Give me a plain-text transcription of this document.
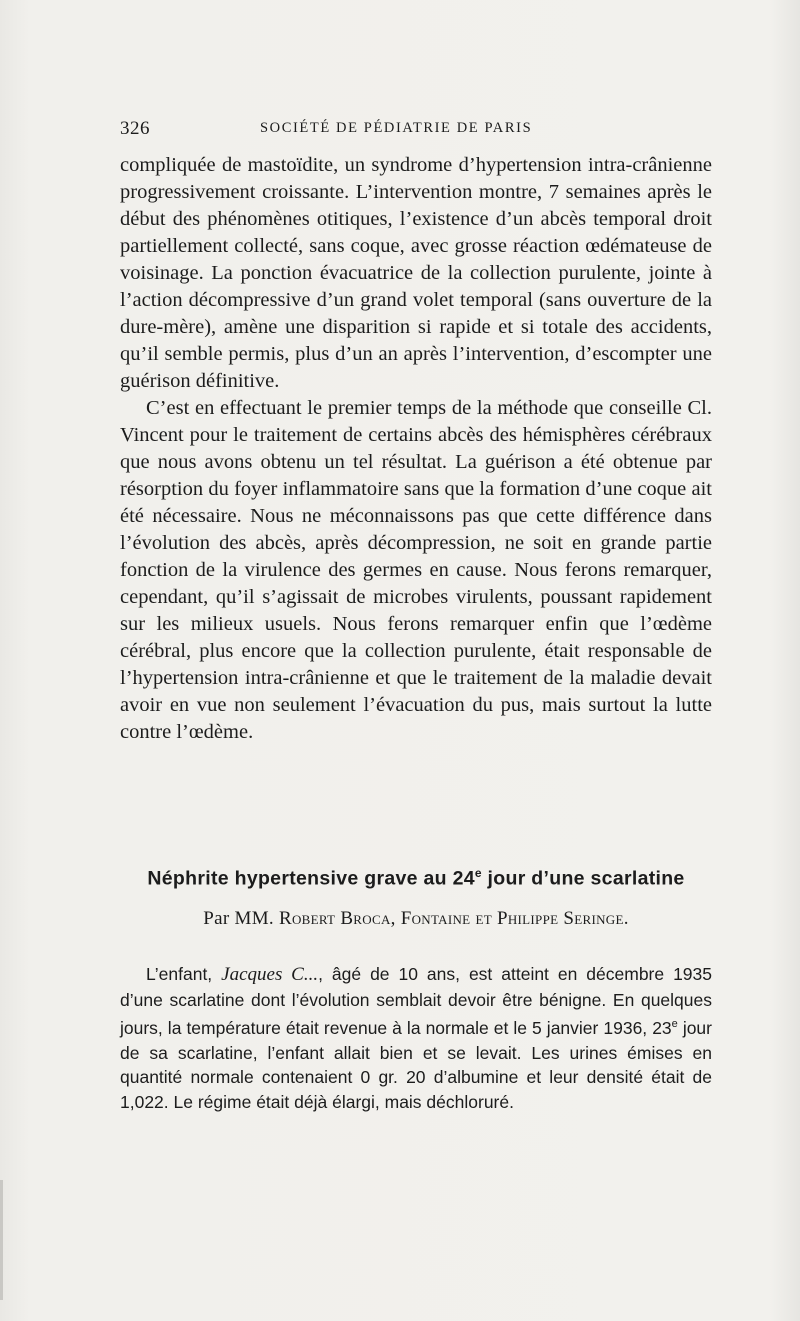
326	SOCIÉTÉ DE PÉDIATRIE DE PARIS

compliquée de mastoïdite, un syndrome d’hypertension intra-crânienne progressivement croissante. L’intervention montre, 7 semaines après le début des phénomènes otitiques, l’existence d’un abcès temporal droit partiellement collecté, sans coque, avec grosse réaction œdémateuse de voisinage. La ponction évacuatrice de la collection purulente, jointe à l’action décompressive d’un grand volet temporal (sans ouverture de la dure-mère), amène une disparition si rapide et si totale des accidents, qu’il semble permis, plus d’un an après l’intervention, d’escompter une guérison définitive.

C’est en effectuant le premier temps de la méthode que conseille Cl. Vincent pour le traitement de certains abcès des hémisphères cérébraux que nous avons obtenu un tel résultat. La guérison a été obtenue par résorption du foyer inflammatoire sans que la formation d’une coque ait été nécessaire. Nous ne méconnaissons pas que cette différence dans l’évolution des abcès, après décompression, ne soit en grande partie fonction de la virulence des germes en cause. Nous ferons remarquer, cependant, qu’il s’agissait de microbes virulents, poussant rapidement sur les milieux usuels. Nous ferons remarquer enfin que l’œdème cérébral, plus encore que la collection purulente, était responsable de l’hypertension intra-crânienne et que le traitement de la maladie devait avoir en vue non seulement l’évacuation du pus, mais surtout la lutte contre l’œdème.

Néphrite hypertensive grave au 24e jour d’une scarlatine
Par MM. Robert Broca, Fontaine et Philippe Seringe.

L’enfant, Jacques C..., âgé de 10 ans, est atteint en décembre 1935 d’une scarlatine dont l’évolution semblait devoir être bénigne. En quelques jours, la température était revenue à la normale et le 5 janvier 1936, 23e jour de sa scarlatine, l’enfant allait bien et se levait. Les urines émises en quantité normale contenaient 0 gr. 20 d’albumine et leur densité était de 1,022. Le régime était déjà élargi, mais déchloruré.
